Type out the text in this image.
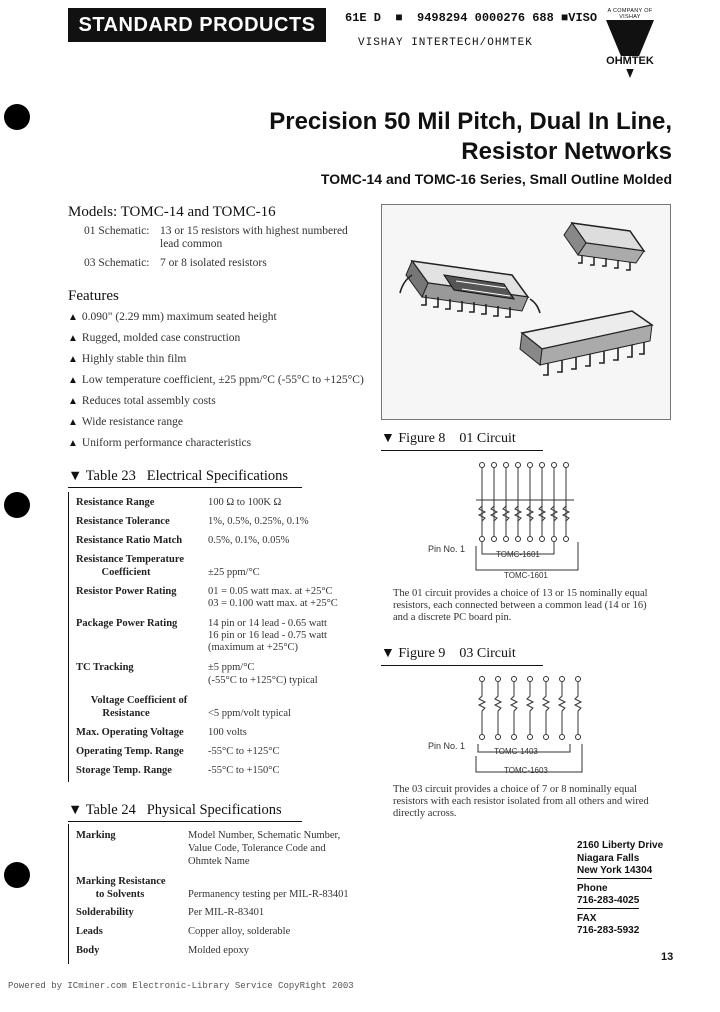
STANDARD PRODUCTS	61E D  ■  9498294 0000276 688 ■VISO
VISHAY INTERTECH/OHMTEK
A COMPANY OF VISHAY
OHMTEK
Precision 50 Mil Pitch, Dual In Line,
Resistor Networks
TOMC-14 and TOMC-16 Series, Small Outline Molded
Models: TOMC-14 and TOMC-16
01 Schematic: 13 or 15 resistors with highest numbered
lead common
03 Schematic: 7 or 8 isolated resistors
Features
▲ 0.090" (2.29 mm) maximum seated height
▲ Rugged, molded case construction
▲ Highly stable thin film
▲ Low temperature coefficient, ±25 ppm/°C (-55°C to +125°C)
▲ Reduces total assembly costs
▲ Wide resistance range
▲ Uniform performance characteristics
▼ Table 23 Electrical Specifications
Resistance Range	100 Ω to 100K Ω
Resistance Tolerance	1%, 0.5%, 0.25%, 0.1%
Resistance Ratio Match 0.5%, 0.1%, 0.05%
Resistance Temperature
Coefficient	±25 ppm/°C
Resistor Power Rating	01 = 0.05 watt max. at +25°C
03 = 0.100 watt max. at +25°C
Package Power Rating	14 pin or 14 lead - 0.65 watt
16 pin or 16 lead - 0.75 watt
(maximum at +25°C)
TC Tracking	±5 ppm/°C
(-55°C to +125°C) typical
Voltage Coefficient of
Resistance	<5 ppm/volt typical
Max. Operating Voltage 100 volts
Operating Temp. Range -55°C to +125°C
Storage Temp. Range	-55°C to +150°C
▼ Table 24 Physical Specifications
Marking	Model Number, Schematic Number,
Value Code, Tolerance Code and
Ohmtek Name
Marking Resistance
to Solvents	Permanency testing per MIL-R-83401
Solderability	Per MIL-R-83401
Leads	Copper alloy, solderable
Body	Molded epoxy
▼ Figure 8 01 Circuit
Pin No. 1
TOMC-1601
TOMC-1601
The 01 circuit provides a choice of 13 or 15 nominally equal
resistors, each connected between a common lead (14 or 16)
and a discrete PC board pin.
▼ Figure 9 03 Circuit
Pin No. 1
TOMC-1403
TOMC-1603
The 03 circuit provides a choice of 7 or 8 nominally equal
resistors with each resistor isolated from all others and wired
directly across.
2160 Liberty Drive
Niagara Falls
New York 14304
Phone
716-283-4025
FAX
716-283-5932
13
Powered by ICminer.com Electronic-Library Service CopyRight 2003
